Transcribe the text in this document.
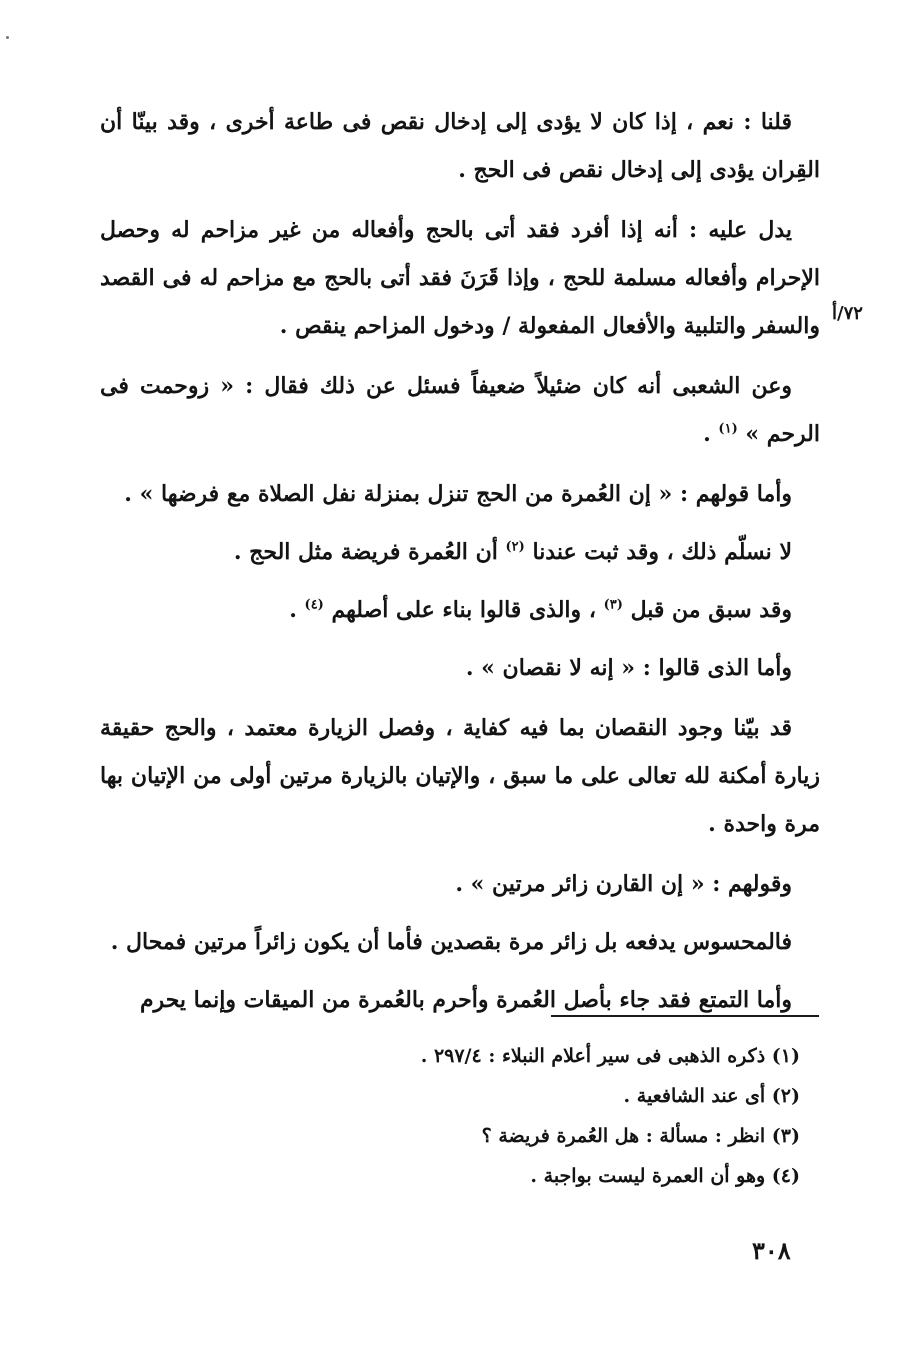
قلنا : نعم ، إذا كان لا يؤدى إلى إدخال نقص فى طاعة أخرى ، وقد بينّا أن القِران يؤدى إلى إدخال نقص فى الحج .

يدل عليه : أنه إذا أفرد فقد أتى بالحج وأفعاله من غير مزاحم له وحصل الإحرام وأفعاله مسلمة للحج ، وإذا قَرَنَ فقد أتى بالحج مع مزاحم له فى القصد والسفر والتلبية والأفعال المفعولة / ودخول المزاحم ينقص .

وعن الشعبى أنه كان ضئيلاً ضعيفاً فسئل عن ذلك فقال : « زوحمت فى الرحم » $^{(١)}$ .

وأما قولهم : « إن العُمرة من الحج تنزل بمنزلة نفل الصلاة مع فرضها » .

لا نسلّم ذلك ، وقد ثبت عندنا $^{(٢)}$ أن العُمرة فريضة مثل الحج .

وقد سبق من قبل $^{(٣)}$ ، والذى قالوا بناء على أصلهم $^{(٤)}$ .

وأما الذى قالوا : « إنه لا نقصان » .

قد بيّنا وجود النقصان بما فيه كفاية ، وفصل الزيارة معتمد ، والحج حقيقة زيارة أمكنة لله تعالى على ما سبق ، والإتيان بالزيارة مرتين أولى من الإتيان بها مرة واحدة .

وقولهم : « إن القارن زائر مرتين » .

فالمحسوس يدفعه بل زائر مرة بقصدين فأما أن يكون زائراً مرتين فمحال .

وأما التمتع فقد جاء بأصل العُمرة وأحرم بالعُمرة من الميقات وإنما يحرم

٧٢/أ

(١) ذكره الذهبى فى سير أعلام النبلاء : ٢٩٧/٤ .

(٢) أى عند الشافعية .

(٣) انظر : مسألة : هل العُمرة فريضة ؟

(٤) وهو أن العمرة ليست بواجبة .

٣٠٨
